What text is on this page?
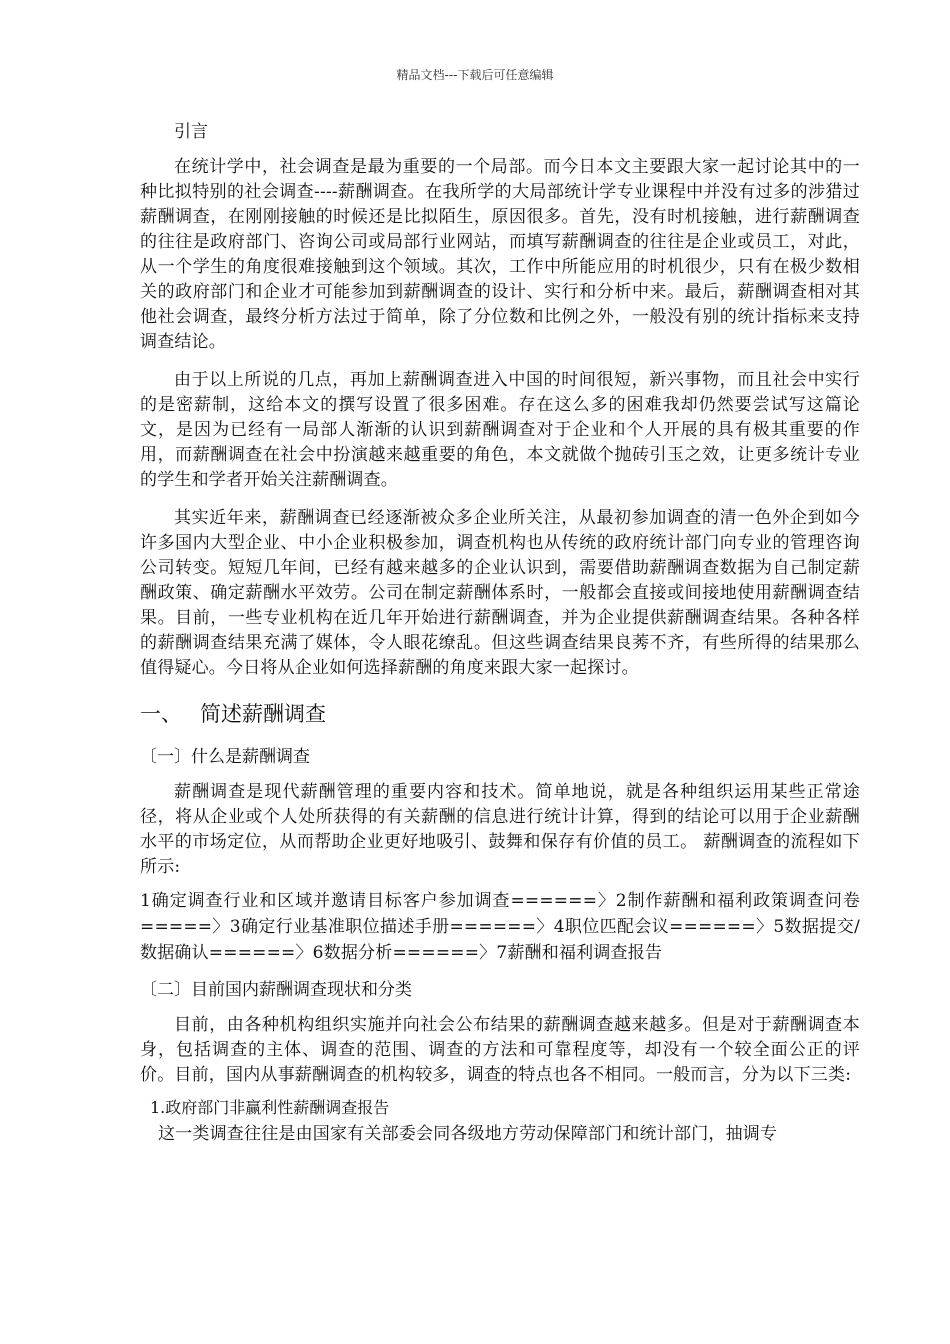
精品文档---下载后可任意编辑
引言

在统计学中，社会调查是最为重要的一个局部。而今日本文主要跟大家一起讨论其中的一种比拟特别的社会调查----薪酬调查。在我所学的大局部统计学专业课程中并没有过多的涉猎过薪酬调查，在刚刚接触的时候还是比拟陌生，原因很多。首先，没有时机接触，进行薪酬调查的往往是政府部门、咨询公司或局部行业网站，而填写薪酬调查的往往是企业或员工，对此，从一个学生的角度很难接触到这个领域。其次，工作中所能应用的时机很少，只有在极少数相关的政府部门和企业才可能参加到薪酬调查的设计、实行和分析中来。最后，薪酬调查相对其他社会调查，最终分析方法过于简单，除了分位数和比例之外，一般没有别的统计指标来支持调查结论。

由于以上所说的几点，再加上薪酬调查进入中国的时间很短，新兴事物，而且社会中实行的是密薪制，这给本文的撰写设置了很多困难。存在这么多的困难我却仍然要尝试写这篇论文，是因为已经有一局部人渐渐的认识到薪酬调查对于企业和个人开展的具有极其重要的作用，而薪酬调查在社会中扮演越来越重要的角色，本文就做个抛砖引玉之效，让更多统计专业的学生和学者开始关注薪酬调查。

其实近年来，薪酬调查已经逐渐被众多企业所关注，从最初参加调查的清一色外企到如今许多国内大型企业、中小企业积极参加，调查机构也从传统的政府统计部门向专业的管理咨询公司转变。短短几年间，已经有越来越多的企业认识到，需要借助薪酬调查数据为自己制定薪酬政策、确定薪酬水平效劳。公司在制定薪酬体系时，一般都会直接或间接地使用薪酬调查结果。目前，一些专业机构在近几年开始进行薪酬调查，并为企业提供薪酬调查结果。各种各样的薪酬调查结果充满了媒体，令人眼花缭乱。但这些调查结果良莠不齐，有些所得的结果那么值得疑心。今日将从企业如何选择薪酬的角度来跟大家一起探讨。

一、 简述薪酬调查
〔一〕什么是薪酬调查

薪酬调查是现代薪酬管理的重要内容和技术。简单地说，就是各种组织运用某些正常途径，将从企业或个人处所获得的有关薪酬的信息进行统计计算，得到的结论可以用于企业薪酬水平的市场定位，从而帮助企业更好地吸引、鼓舞和保存有价值的员工。 薪酬调查的流程如下所示:

1确定调查行业和区域并邀请目标客户参加调查======〉2制作薪酬和福利政策调查问卷=====〉3确定行业基准职位描述手册======〉4职位匹配会议======〉5数据提交/数据确认======〉6数据分析======〉7薪酬和福利调查报告
〔二〕目前国内薪酬调查现状和分类

目前，由各种机构组织实施并向社会公布结果的薪酬调查越来越多。但是对于薪酬调查本身，包括调查的主体、调查的范围、调查的方法和可靠程度等，却没有一个较全面公正的评价。目前，国内从事薪酬调查的机构较多，调查的特点也各不相同。一般而言，分为以下三类:

1.政府部门非赢利性薪酬调查报告

这一类调查往往是由国家有关部委会同各级地方劳动保障部门和统计部门，抽调专
